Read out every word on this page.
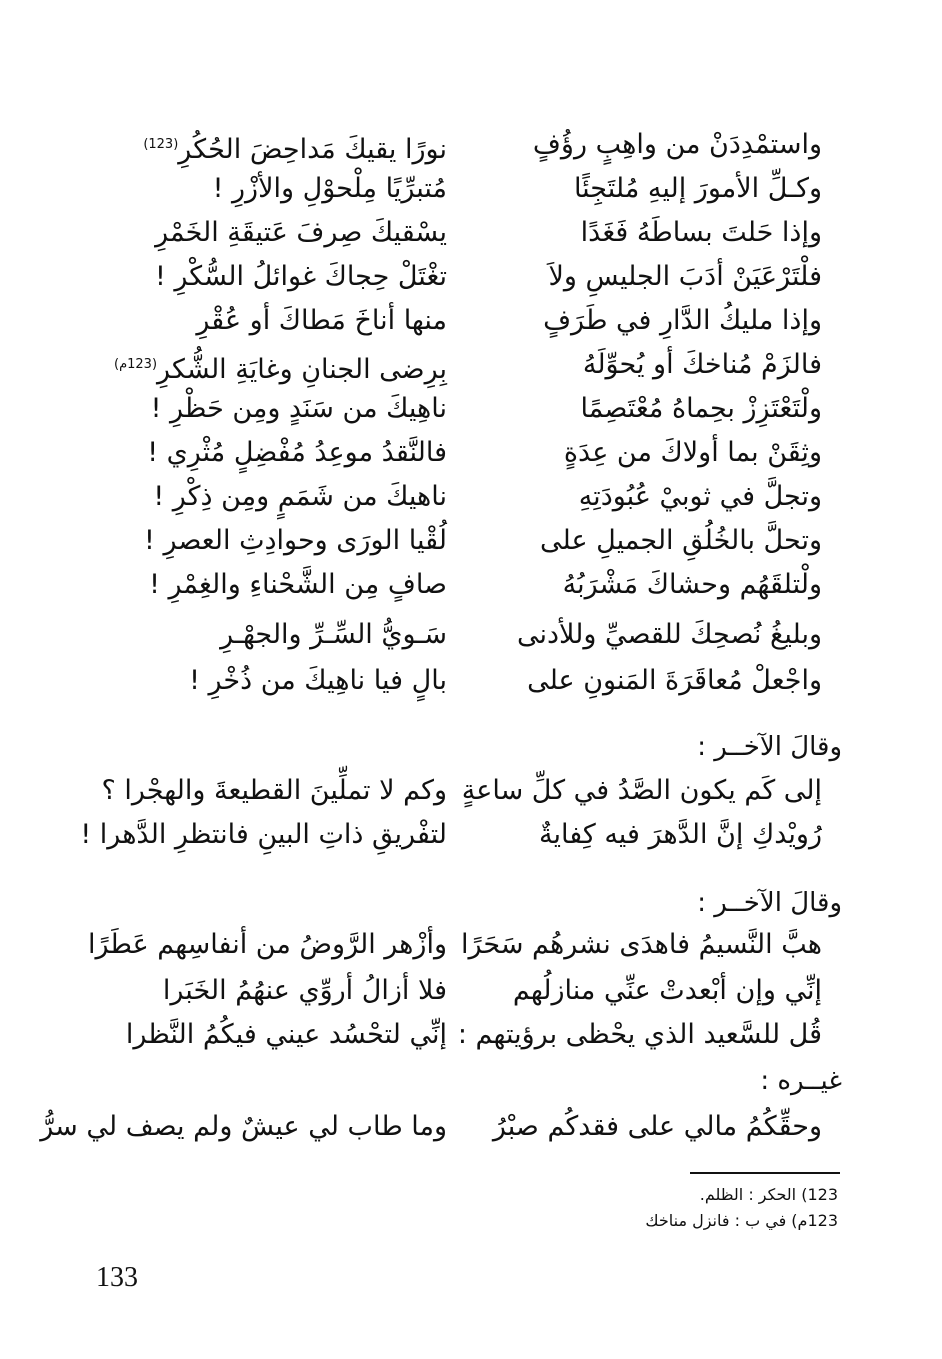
واستمْدِدَنْ من واهِبٍ رؤُفٍ
وكـلِّ الأمورَ إليهِ مُلتَجِئًا
وإذا حَلتَ بساطَهُ فَغَدًا
فلْتَرْعَيَنْ أدَبَ الجليسِ ولاَ
وإذا مليكُ الدَّارِ في طَرَفٍ
فالزَمْ مُناخكَ أو يُحوِّلَهُ
ولْتَعْتَزِزْ بحِماهُ مُعْتَصِمًا
وثِقَنْ بما أولاكَ من عِدَةٍ
وتجلَّ في ثوبيْ عُبُودَتِهِ
وتحلَّ بالخُلُقِ الجميلِ على
ولْتلقَهُم وحشاكَ مَشْرَبُهُ
وبليغُ نُصحِكَ للقصيِّ وللأدنى
واجْعلْ مُعاقَرَةَ المَنونِ على
نورًا يقيكَ مَداحِضَ الحُكُرِ$^{(123)}$
مُتبرِّيًا مِلْحوْلِ والأزْرِ !
يسْقيكَ صِرفَ عَتيقَةِ الخَمْرِ
تغْتَلْ حِجاكَ غوائلُ السُّكْرِ !
منها أناخَ مَطاكَ أو عُقْرِ
بِرِضى الجنانِ وغايَةِ الشُّكرِ$^{(123م)}$
ناهِيكَ من سَنَدٍ ومِن حَظْرِ !
فالنَّقدُ موعِدُ مُفْضِلٍ مُثْرِي !
ناهيكَ من شَمَمٍ ومِن ذِكْرِ !
لُقْيا الورَى وحوادِثِ العصرِ !
صافٍ مِن الشَّحْناءِ والغِمْرِ !
سَـويُّ السِّـرِّ والجهْـرِ
بالٍ فيا ناهِيكَ من ذُخْرِ !
وقالَ الآخــر :
إلى كَم يكون الصَّدُ في كلِّ ساعةٍ
وكم لا تملِّينَ القطيعةَ والهجْرا ؟
رُويْدكِ إنَّ الدَّهرَ فيه كِفايةٌ
لتفْريقِ ذاتِ البينِ فانتظرِ الدَّهرا !
وقالَ الآخــر :
هبَّ النَّسيمُ فاهدَى نشرهُم سَحَرًا
وأزْهر الرَّوضُ من أنفاسِهم عَطَرًا
إنِّي وإن أبْعدتْ عنِّي منازلُهم
فلا أزالُ أروِّي عنهُمُ الخَبَرا
قُل للسَّعيد الذي يحْظى برؤيتهم :
إنِّي لتحْسُد عيني فيكُمُ النَّظرا
غيــره :
وحقِّكُمُ مالي على فقدكُم صبْرُ
وما طاب لي عيشٌ ولم يصف لي سرُّ
123) الحكر : الظلم.
123م) في ب : فانزل مناخك
133
